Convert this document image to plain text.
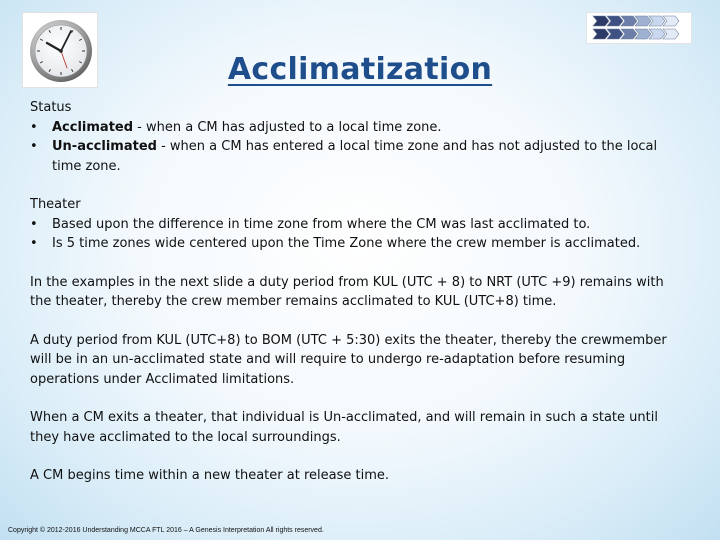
Acclimatization

Status

• Acclimated - when a CM has adjusted to a local time zone.
• Un-acclimated - when a CM has entered a local time zone and has not adjusted to the local time zone.

Theater

• Based upon the difference in time zone from where the CM was last acclimated to.
• Is 5 time zones wide centered upon the Time Zone where the crew member is acclimated.

In the examples in the next slide a duty period from KUL (UTC + 8) to NRT (UTC +9) remains with the theater, thereby the crew member remains acclimated to KUL (UTC+8) time.

A duty period from KUL (UTC+8) to BOM (UTC + 5:30) exits the theater, thereby the crewmember will be in an un-acclimated state and will require to undergo re-adaptation before resuming operations under Acclimated limitations.

When a CM exits a theater, that individual is Un-acclimated, and will remain in such a state until they have acclimated to the local surroundings.

A CM begins time within a new theater at release time.

Copyright © 2012-2016 Understanding MCCA FTL 2016 – A Genesis Interpretation All rights reserved.
